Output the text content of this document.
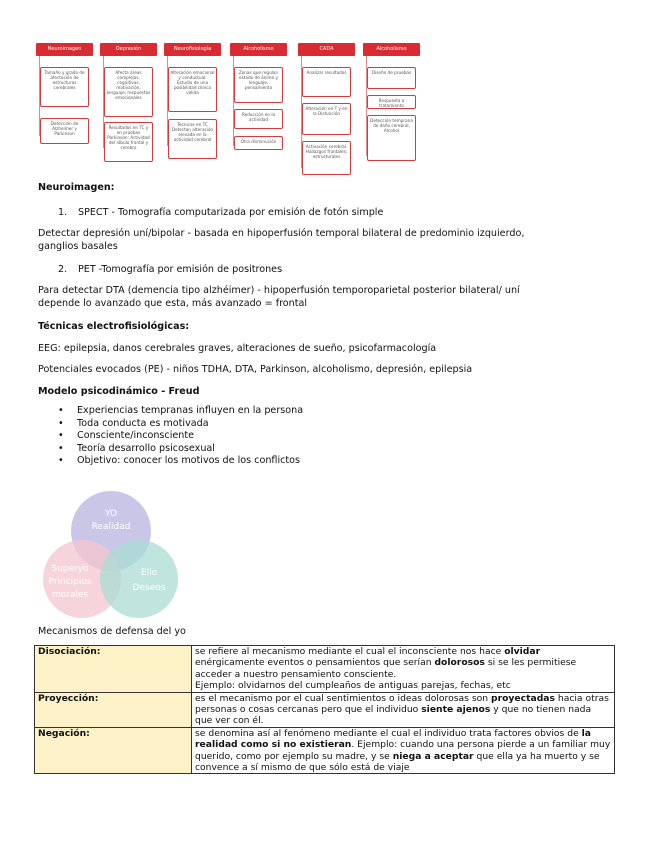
Neuroimagen
Tamaño y grado de afectación de estructuras cerebrales
Detección de Alzheimer y Parkinson
Depresión
Afecta áreas complejas, cognitivas, motivación, lenguaje, respuestas emocionales
Resultados en TC y en pruebas Parkinson: Actividad del lóbulo frontal y cerebro
Neurofisiología
Alteración emocional y conductual. Estudio de una posibilidad clínica valida
Tecnicas en TC Detectan alteración elevada en la actividad cerebral
Alcoholismo
Zonas que regulan estado de ánimo y lenguaje, pensamiento
Reducción en la actividad
Otra disminución
CADA
Analizar resultados
Alteración en T y en la Disfunción
Activación cerebral. Hallazgos frontales; estructurales
Alcoholismo
Diseño de pruebas
Respuesta a tratamiento
Detección temprana de daño cerebral, Alcohol
Neuroimagen:
1. SPECT - Tomografía computarizada por emisión de fotón simple
Detectar depresión uní/bipolar - basada en hipoperfusión temporal bilateral de predominio izquierdo,
ganglios basales
2. PET -Tomografía por emisión de positrones
Para detectar DTA (demencia tipo alzhéimer) - hipoperfusión temporoparietal posterior bilateral/ uní
depende lo avanzado que esta, más avanzado = frontal
Técnicas electrofisiológicas:
EEG: epilepsia, danos cerebrales graves, alteraciones de sueño, psicofarmacología
Potenciales evocados (PE) - niños TDHA, DTA, Parkinson, alcoholismo, depresión, epilepsia
Modelo psicodinámico - Freud
• Experiencias tempranas influyen en la persona
• Toda conducta es motivada
• Consciente/inconsciente
• Teoría desarrollo psicosexual
• Objetivo: conocer los motivos de los conflictos
YO
Realidad
Superyo
Principios
morales
Ello
Deseos
Mecanismos de defensa del yo
Disociación:	se refiere al mecanismo mediante el cual el inconsciente nos hace olvidar enérgicamente eventos o pensamientos que serían dolorosos si se les permitiese acceder a nuestro pensamiento consciente.
Ejemplo: olvidarnos del cumpleaños de antiguas parejas, fechas, etc
Proyección:	es el mecanismo por el cual sentimientos o ideas dolorosas son proyectadas hacia otras personas o cosas cercanas pero que el individuo siente ajenos y que no tienen nada que ver con él.
Negación:	se denomina así al fenómeno mediante el cual el individuo trata factores obvios de la realidad como si no existieran. Ejemplo: cuando una persona pierde a un familiar muy querido, como por ejemplo su madre, y se niega a aceptar que ella ya ha muerto y se convence a sí mismo de que sólo está de viaje
